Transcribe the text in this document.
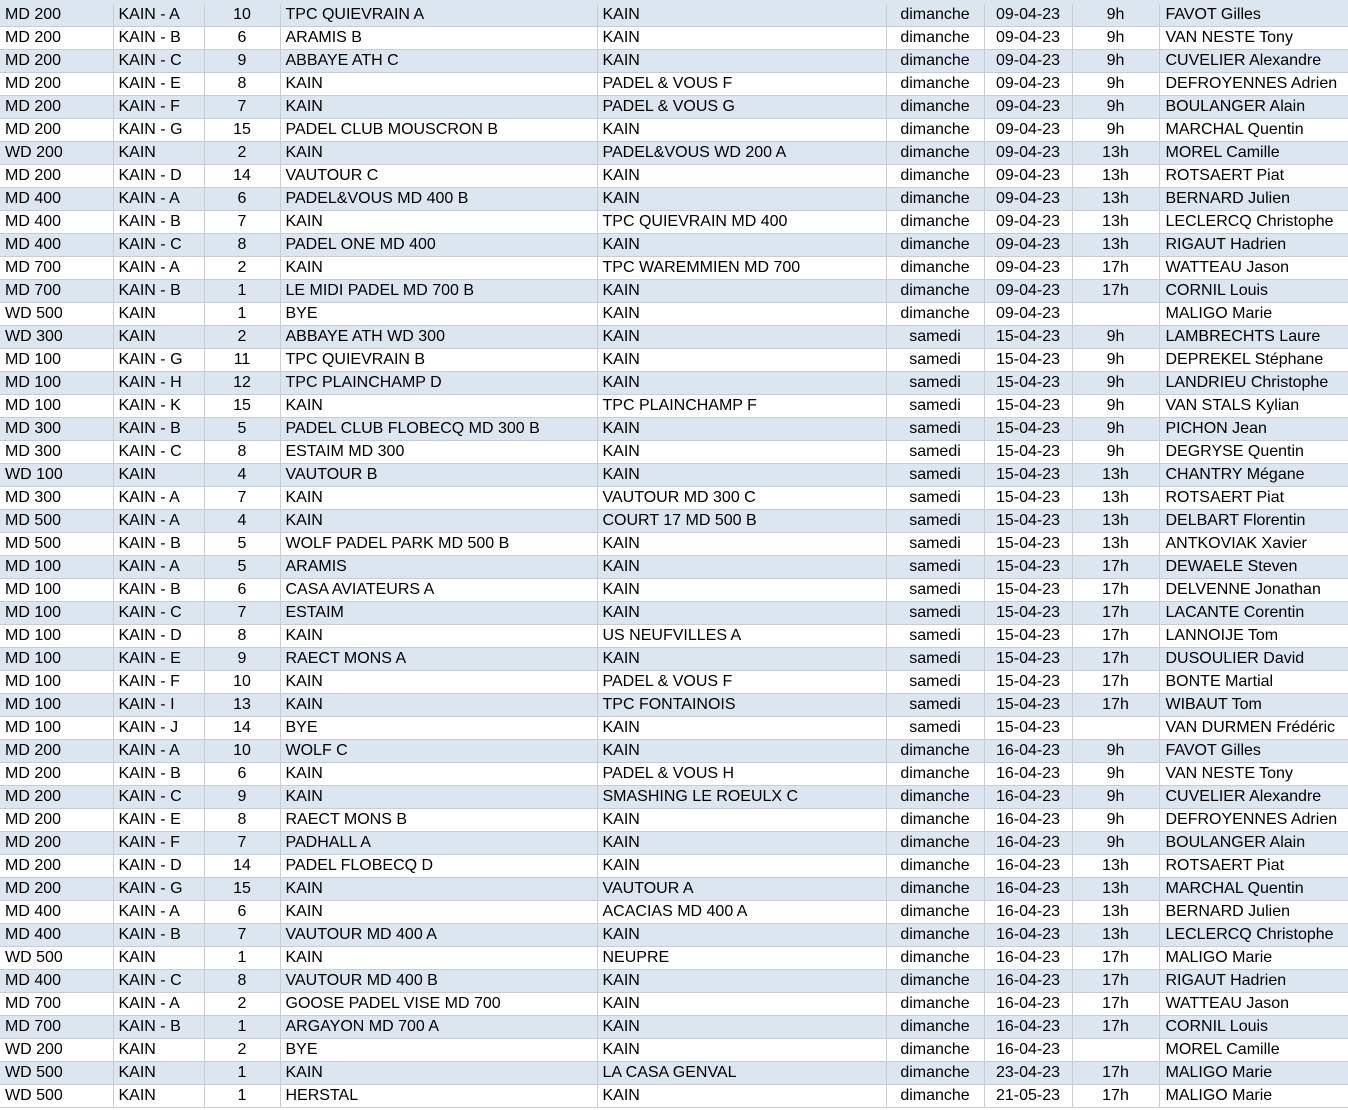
MD 200	KAIN - A	10	TPC QUIEVRAIN A	KAIN	dimanche	09-04-23	9h	FAVOT Gilles
MD 200	KAIN - B	6	ARAMIS B	KAIN	dimanche	09-04-23	9h	VAN NESTE Tony
MD 200	KAIN - C	9	ABBAYE ATH C	KAIN	dimanche	09-04-23	9h	CUVELIER Alexandre
MD 200	KAIN - E	8	KAIN	PADEL & VOUS F	dimanche	09-04-23	9h	DEFROYENNES Adrien
MD 200	KAIN - F	7	KAIN	PADEL & VOUS G	dimanche	09-04-23	9h	BOULANGER Alain
MD 200	KAIN - G	15	PADEL CLUB MOUSCRON B	KAIN	dimanche	09-04-23	9h	MARCHAL Quentin
WD 200	KAIN	2	KAIN	PADEL&VOUS WD 200 A	dimanche	09-04-23	13h	MOREL Camille
MD 200	KAIN - D	14	VAUTOUR C	KAIN	dimanche	09-04-23	13h	ROTSAERT Piat
MD 400	KAIN - A	6	PADEL&VOUS MD 400 B	KAIN	dimanche	09-04-23	13h	BERNARD Julien
MD 400	KAIN - B	7	KAIN	TPC QUIEVRAIN MD 400	dimanche	09-04-23	13h	LECLERCQ Christophe
MD 400	KAIN - C	8	PADEL ONE MD 400	KAIN	dimanche	09-04-23	13h	RIGAUT Hadrien
MD 700	KAIN - A	2	KAIN	TPC WAREMMIEN MD 700	dimanche	09-04-23	17h	WATTEAU Jason
MD 700	KAIN - B	1	LE MIDI PADEL MD 700 B	KAIN	dimanche	09-04-23	17h	CORNIL Louis
WD 500	KAIN	1	BYE	KAIN	dimanche	09-04-23		MALIGO Marie
WD 300	KAIN	2	ABBAYE ATH WD 300	KAIN	samedi	15-04-23	9h	LAMBRECHTS Laure
MD 100	KAIN - G	11	TPC QUIEVRAIN B	KAIN	samedi	15-04-23	9h	DEPREKEL Stéphane
MD 100	KAIN - H	12	TPC PLAINCHAMP D	KAIN	samedi	15-04-23	9h	LANDRIEU Christophe
MD 100	KAIN - K	15	KAIN	TPC PLAINCHAMP F	samedi	15-04-23	9h	VAN STALS Kylian
MD 300	KAIN - B	5	PADEL CLUB FLOBECQ MD 300 B	KAIN	samedi	15-04-23	9h	PICHON Jean
MD 300	KAIN - C	8	ESTAIM MD 300	KAIN	samedi	15-04-23	9h	DEGRYSE Quentin
WD 100	KAIN	4	VAUTOUR B	KAIN	samedi	15-04-23	13h	CHANTRY Mégane
MD 300	KAIN - A	7	KAIN	VAUTOUR MD 300 C	samedi	15-04-23	13h	ROTSAERT Piat
MD 500	KAIN - A	4	KAIN	COURT 17 MD 500 B	samedi	15-04-23	13h	DELBART Florentin
MD 500	KAIN - B	5	WOLF PADEL PARK MD 500 B	KAIN	samedi	15-04-23	13h	ANTKOVIAK Xavier
MD 100	KAIN - A	5	ARAMIS	KAIN	samedi	15-04-23	17h	DEWAELE Steven
MD 100	KAIN - B	6	CASA AVIATEURS A	KAIN	samedi	15-04-23	17h	DELVENNE Jonathan
MD 100	KAIN - C	7	ESTAIM	KAIN	samedi	15-04-23	17h	LACANTE Corentin
MD 100	KAIN - D	8	KAIN	US NEUFVILLES A	samedi	15-04-23	17h	LANNOIJE Tom
MD 100	KAIN - E	9	RAECT MONS A	KAIN	samedi	15-04-23	17h	DUSOULIER David
MD 100	KAIN - F	10	KAIN	PADEL & VOUS F	samedi	15-04-23	17h	BONTE Martial
MD 100	KAIN - I	13	KAIN	TPC FONTAINOIS	samedi	15-04-23	17h	WIBAUT Tom
MD 100	KAIN - J	14	BYE	KAIN	samedi	15-04-23		VAN DURMEN Frédéric
MD 200	KAIN - A	10	WOLF C	KAIN	dimanche	16-04-23	9h	FAVOT Gilles
MD 200	KAIN - B	6	KAIN	PADEL & VOUS H	dimanche	16-04-23	9h	VAN NESTE Tony
MD 200	KAIN - C	9	KAIN	SMASHING LE ROEULX C	dimanche	16-04-23	9h	CUVELIER Alexandre
MD 200	KAIN - E	8	RAECT MONS B	KAIN	dimanche	16-04-23	9h	DEFROYENNES Adrien
MD 200	KAIN - F	7	PADHALL A	KAIN	dimanche	16-04-23	9h	BOULANGER Alain
MD 200	KAIN - D	14	PADEL FLOBECQ D	KAIN	dimanche	16-04-23	13h	ROTSAERT Piat
MD 200	KAIN - G	15	KAIN	VAUTOUR A	dimanche	16-04-23	13h	MARCHAL Quentin
MD 400	KAIN - A	6	KAIN	ACACIAS MD 400 A	dimanche	16-04-23	13h	BERNARD Julien
MD 400	KAIN - B	7	VAUTOUR MD 400 A	KAIN	dimanche	16-04-23	13h	LECLERCQ Christophe
WD 500	KAIN	1	KAIN	NEUPRE	dimanche	16-04-23	17h	MALIGO Marie
MD 400	KAIN - C	8	VAUTOUR MD 400 B	KAIN	dimanche	16-04-23	17h	RIGAUT Hadrien
MD 700	KAIN - A	2	GOOSE PADEL VISE MD 700	KAIN	dimanche	16-04-23	17h	WATTEAU Jason
MD 700	KAIN - B	1	ARGAYON MD 700 A	KAIN	dimanche	16-04-23	17h	CORNIL Louis
WD 200	KAIN	2	BYE	KAIN	dimanche	16-04-23		MOREL Camille
WD 500	KAIN	1	KAIN	LA CASA GENVAL	dimanche	23-04-23	17h	MALIGO Marie
WD 500	KAIN	1	HERSTAL	KAIN	dimanche	21-05-23	17h	MALIGO Marie
